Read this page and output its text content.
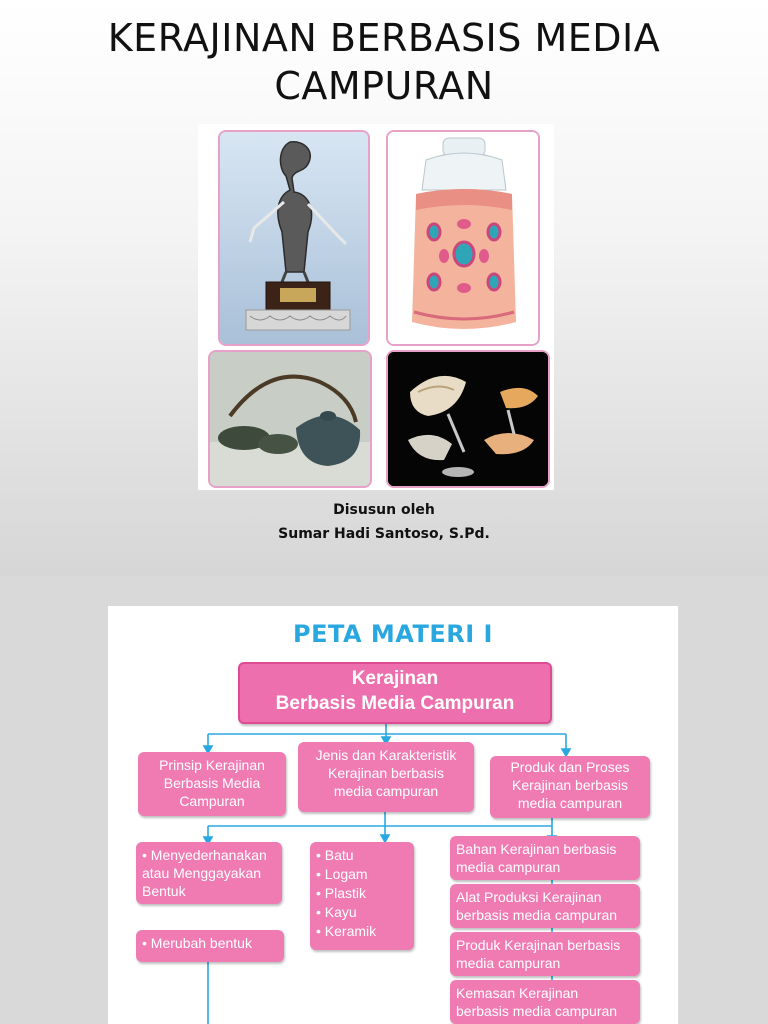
KERAJINAN BERBASIS MEDIA
CAMPURAN
Disusun oleh
Sumar Hadi Santoso, S.Pd.
PETA MATERI I
Kerajinan
Berbasis Media Campuran
Prinsip Kerajinan
Berbasis Media
Campuran
Jenis dan Karakteristik
Kerajinan berbasis
media campuran
Produk dan Proses
Kerajinan berbasis
media campuran
• Menyederhanakan
atau Menggayakan
Bentuk
• Merubah bentuk
• Batu
• Logam
• Plastik
• Kayu
• Keramik
Bahan Kerajinan berbasis
media campuran
Alat Produksi Kerajinan
berbasis media campuran
Produk Kerajinan berbasis
media campuran
Kemasan Kerajinan
berbasis media campuran
